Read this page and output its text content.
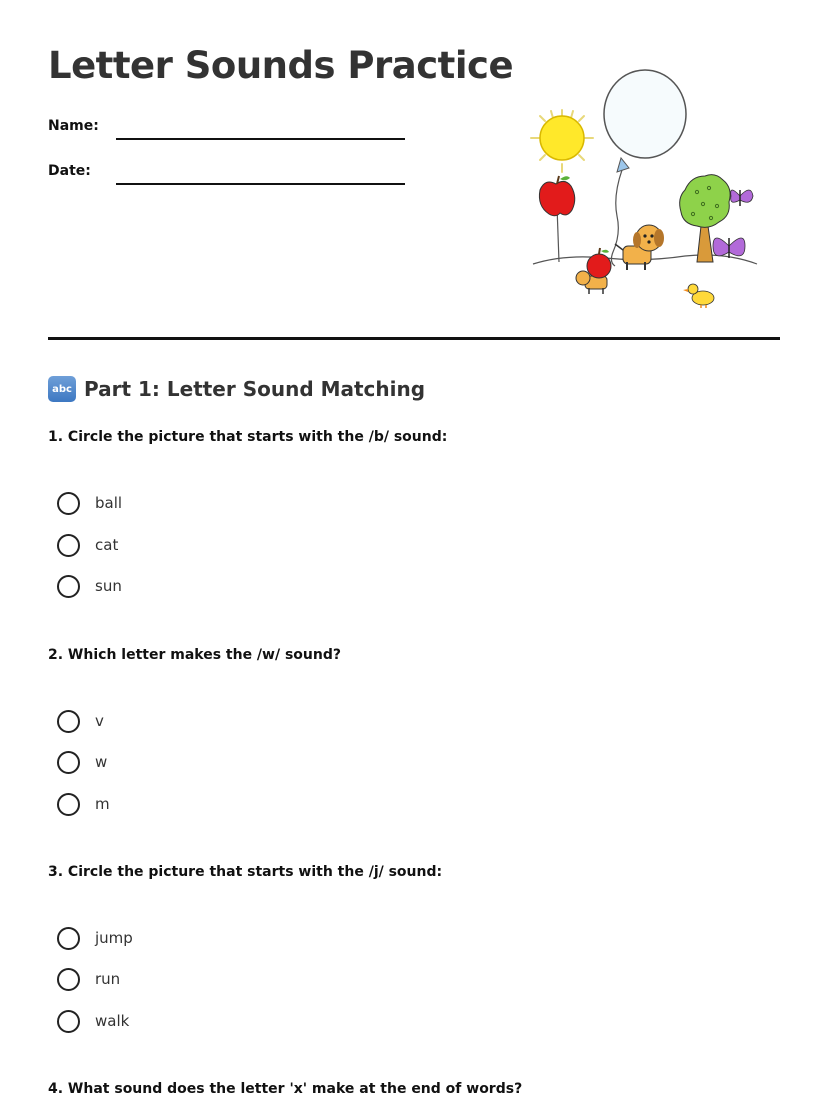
Letter Sounds Practice
Name:
Date:
abc Part 1: Letter Sound Matching
1. Circle the picture that starts with the /b/ sound:
ball
cat
sun
2. Which letter makes the /w/ sound?
v
w
m
3. Circle the picture that starts with the /j/ sound:
jump
run
walk
4. What sound does the letter 'x' make at the end of words?
